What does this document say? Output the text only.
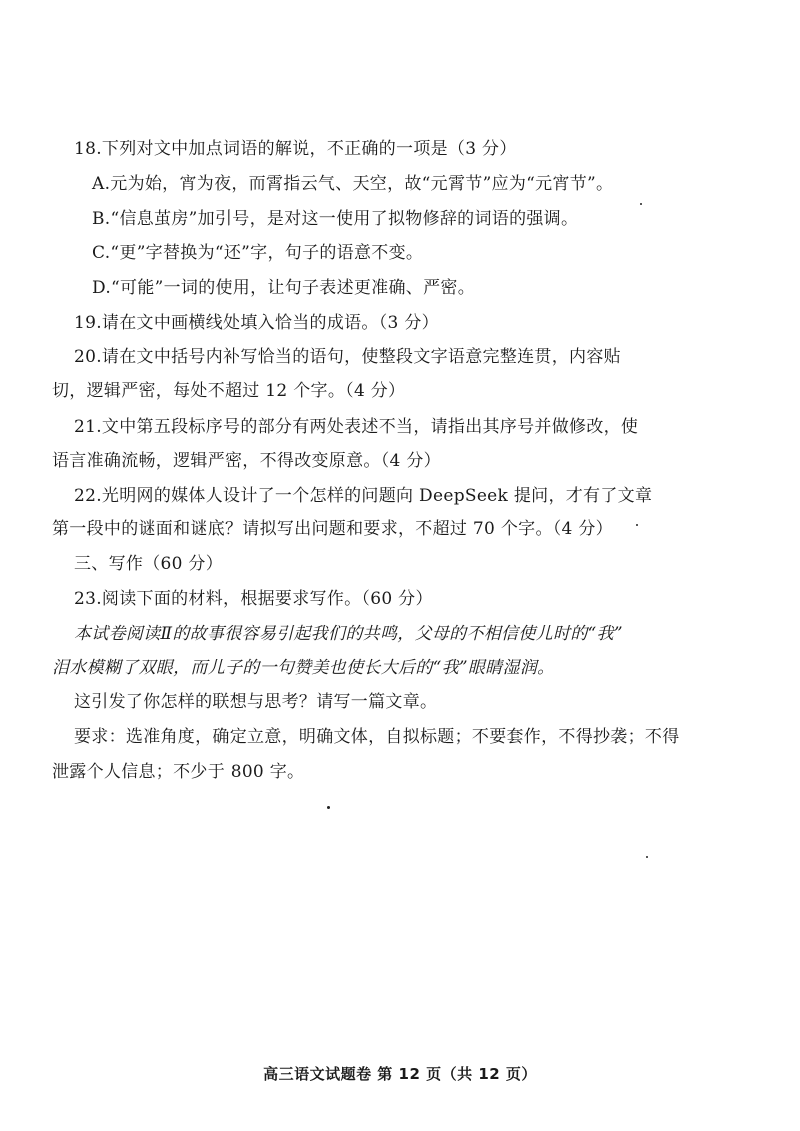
18.下列对文中加点词语的解说，不正确的一项是（3 分）
A.元为始，宵为夜，而霄指云气、天空，故“元霄节”应为“元宵节”。
B.“信息茧房”加引号，是对这一使用了拟物修辞的词语的强调。
C.“更”字替换为“还”字，句子的语意不变。
D.“可能”一词的使用，让句子表述更准确、严密。
19.请在文中画横线处填入恰当的成语。（3 分）
20.请在文中括号内补写恰当的语句，使整段文字语意完整连贯，内容贴
切，逻辑严密，每处不超过 12 个字。（4 分）
21.文中第五段标序号的部分有两处表述不当，请指出其序号并做修改，使
语言准确流畅，逻辑严密，不得改变原意。（4 分）
22.光明网的媒体人设计了一个怎样的问题向 DeepSeek 提问，才有了文章
第一段中的谜面和谜底？请拟写出问题和要求，不超过 70 个字。（4 分）
三、写作（60 分）
23.阅读下面的材料，根据要求写作。（60 分）
本试卷阅读Ⅱ的故事很容易引起我们的共鸣，父母的不相信使儿时的“我”
泪水模糊了双眼，而儿子的一句赞美也使长大后的“我”眼睛湿润。
这引发了你怎样的联想与思考？请写一篇文章。
要求：选准角度，确定立意，明确文体，自拟标题；不要套作，不得抄袭；不得
泄露个人信息；不少于 800 字。
高三语文试题卷 第 12 页（共 12 页）
